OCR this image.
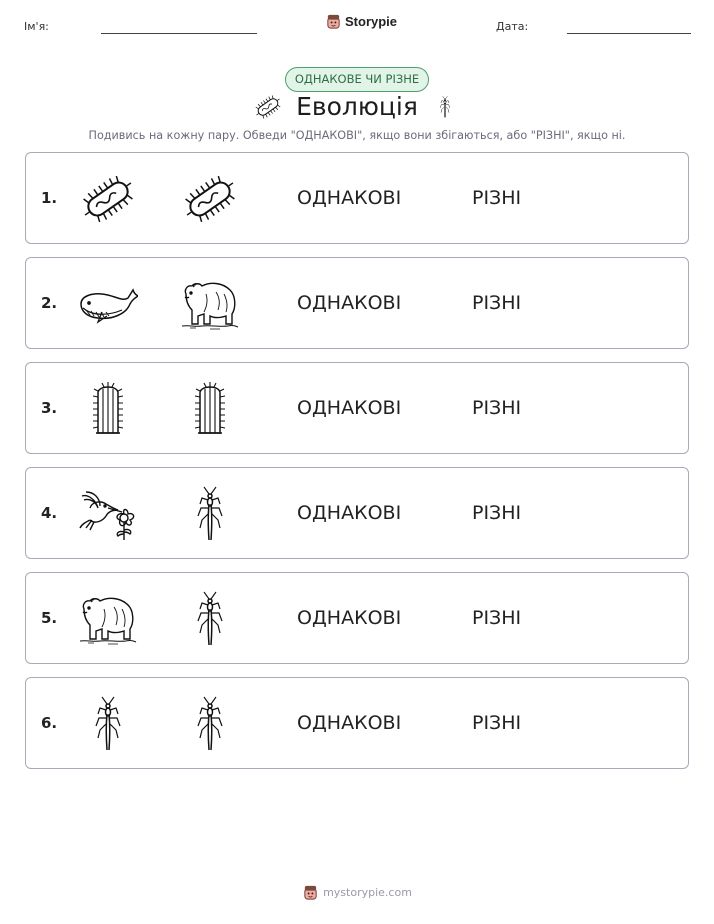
Ім'я:	Storypie	Дата:
ОДНАКОВЕ ЧИ РІЗНЕ
Еволюція
Подивись на кожну пару. Обведи "ОДНАКОВІ", якщо вони збігаються, або "РІЗНІ", якщо ні.
1.	ОДНАКОВІ	РІЗНІ
2.	ОДНАКОВІ	РІЗНІ
3.	ОДНАКОВІ	РІЗНІ
4.	ОДНАКОВІ	РІЗНІ
5.	ОДНАКОВІ	РІЗНІ
6.	ОДНАКОВІ	РІЗНІ
mystorypie.com
